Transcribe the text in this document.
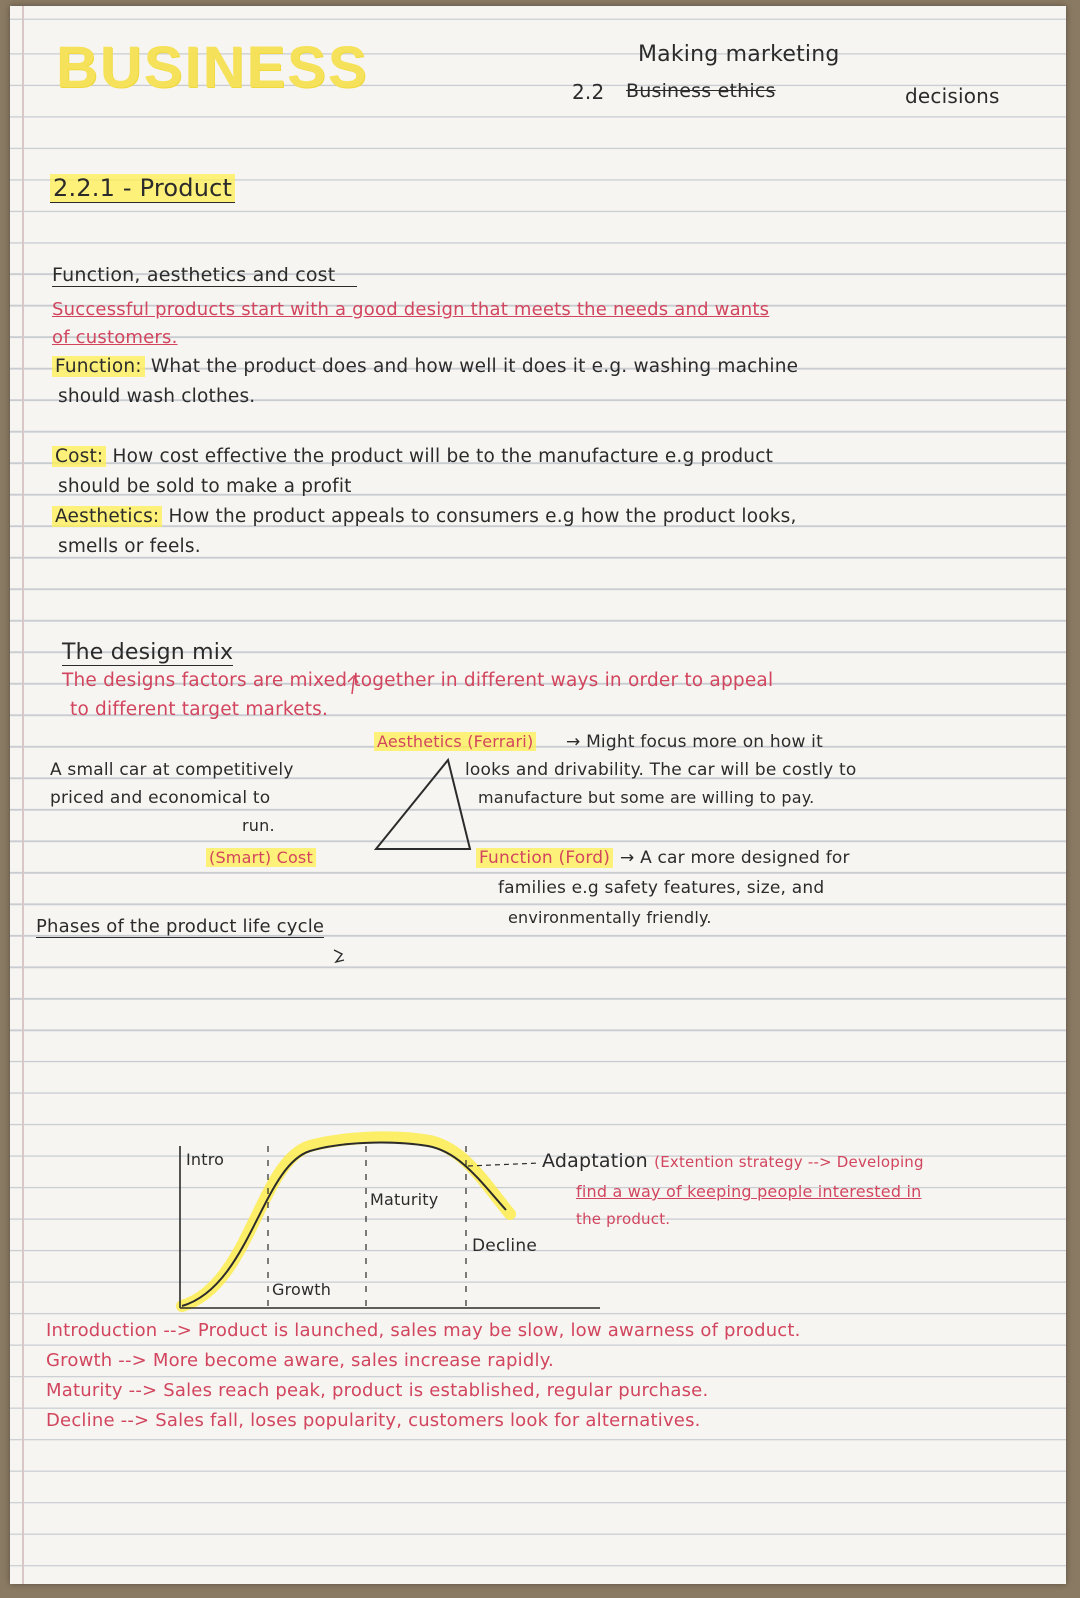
BUSINESS	Making marketing
2.2 Business ethics	decisions
2.2.1 - Product
Function, aesthetics and cost
Successful products start with a good design that meets the needs and wants
of customers.
Function: What the product does and how well it does it e.g. washing machine
should wash clothes.
Cost: How cost effective the product will be to the manufacture e.g product
should be sold to make a profit
Aesthetics: How the product appeals to consumers e.g how the product looks,
smells or feels.
The design mix
The designs factors are mixed together in different ways in order to appeal
to different target markets.
Aesthetics (Ferrari) → Might focus more on how it
looks and drivability. The car will be costly to
manufacture but some are willing to pay.
A small car at competitively
priced and economical to
run.
(Smart) Cost	Function (Ford) → A car more designed for
families e.g safety features, size, and
environmentally friendly.
Phases of the product life cycle
Intro
Maturity
Decline
Growth
Adaptation (Extention strategy --> Developing
find a way of keeping people interested in
the product.
Introduction --> Product is launched, sales may be slow, low awarness of product.
Growth --> More become aware, sales increase rapidly.
Maturity --> Sales reach peak, product is established, regular purchase.
Decline --> Sales fall, loses popularity, customers look for alternatives.
